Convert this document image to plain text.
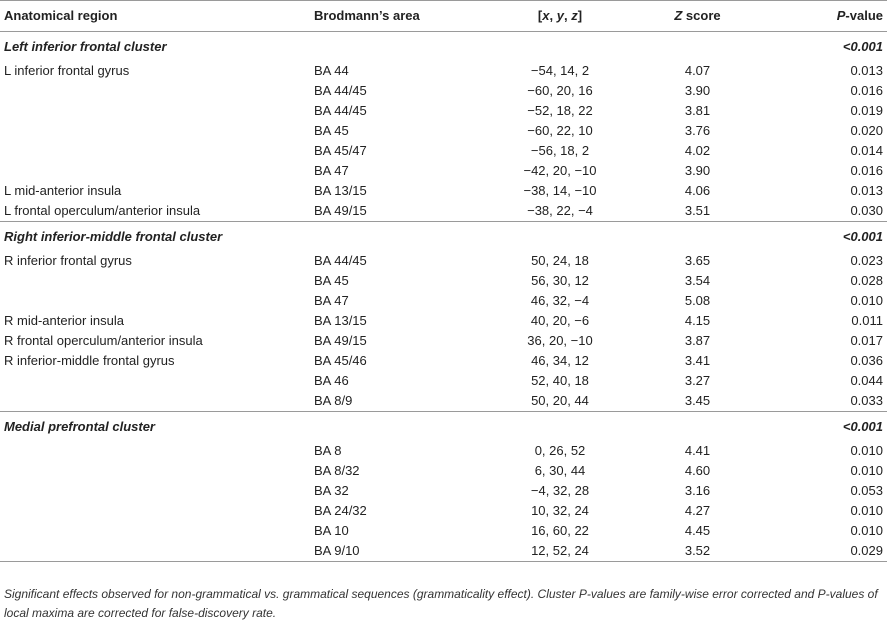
Anatomical region	Brodmann’s area	[x, y, z]	Z score	P-value
Left inferior frontal cluster				<0.001
L inferior frontal gyrus	BA 44	−54, 14, 2	4.07	0.013
	BA 44/45	−60, 20, 16	3.90	0.016
	BA 44/45	−52, 18, 22	3.81	0.019
	BA 45	−60, 22, 10	3.76	0.020
	BA 45/47	−56, 18, 2	4.02	0.014
	BA 47	−42, 20, −10	3.90	0.016
L mid-anterior insula	BA 13/15	−38, 14, −10	4.06	0.013
L frontal operculum/anterior insula	BA 49/15	−38, 22, −4	3.51	0.030
Right inferior-middle frontal cluster				<0.001
R inferior frontal gyrus	BA 44/45	50, 24, 18	3.65	0.023
	BA 45	56, 30, 12	3.54	0.028
	BA 47	46, 32, −4	5.08	0.010
R mid-anterior insula	BA 13/15	40, 20, −6	4.15	0.011
R frontal operculum/anterior insula	BA 49/15	36, 20, −10	3.87	0.017
R inferior-middle frontal gyrus	BA 45/46	46, 34, 12	3.41	0.036
	BA 46	52, 40, 18	3.27	0.044
	BA 8/9	50, 20, 44	3.45	0.033
Medial prefrontal cluster				<0.001
	BA 8	0, 26, 52	4.41	0.010
	BA 8/32	6, 30, 44	4.60	0.010
	BA 32	−4, 32, 28	3.16	0.053
	BA 24/32	10, 32, 24	4.27	0.010
	BA 10	16, 60, 22	4.45	0.010
	BA 9/10	12, 52, 24	3.52	0.029
Significant effects observed for non-grammatical vs. grammatical sequences (grammaticality effect). Cluster P-values are family-wise error corrected and P-values of local maxima are corrected for false-discovery rate.
